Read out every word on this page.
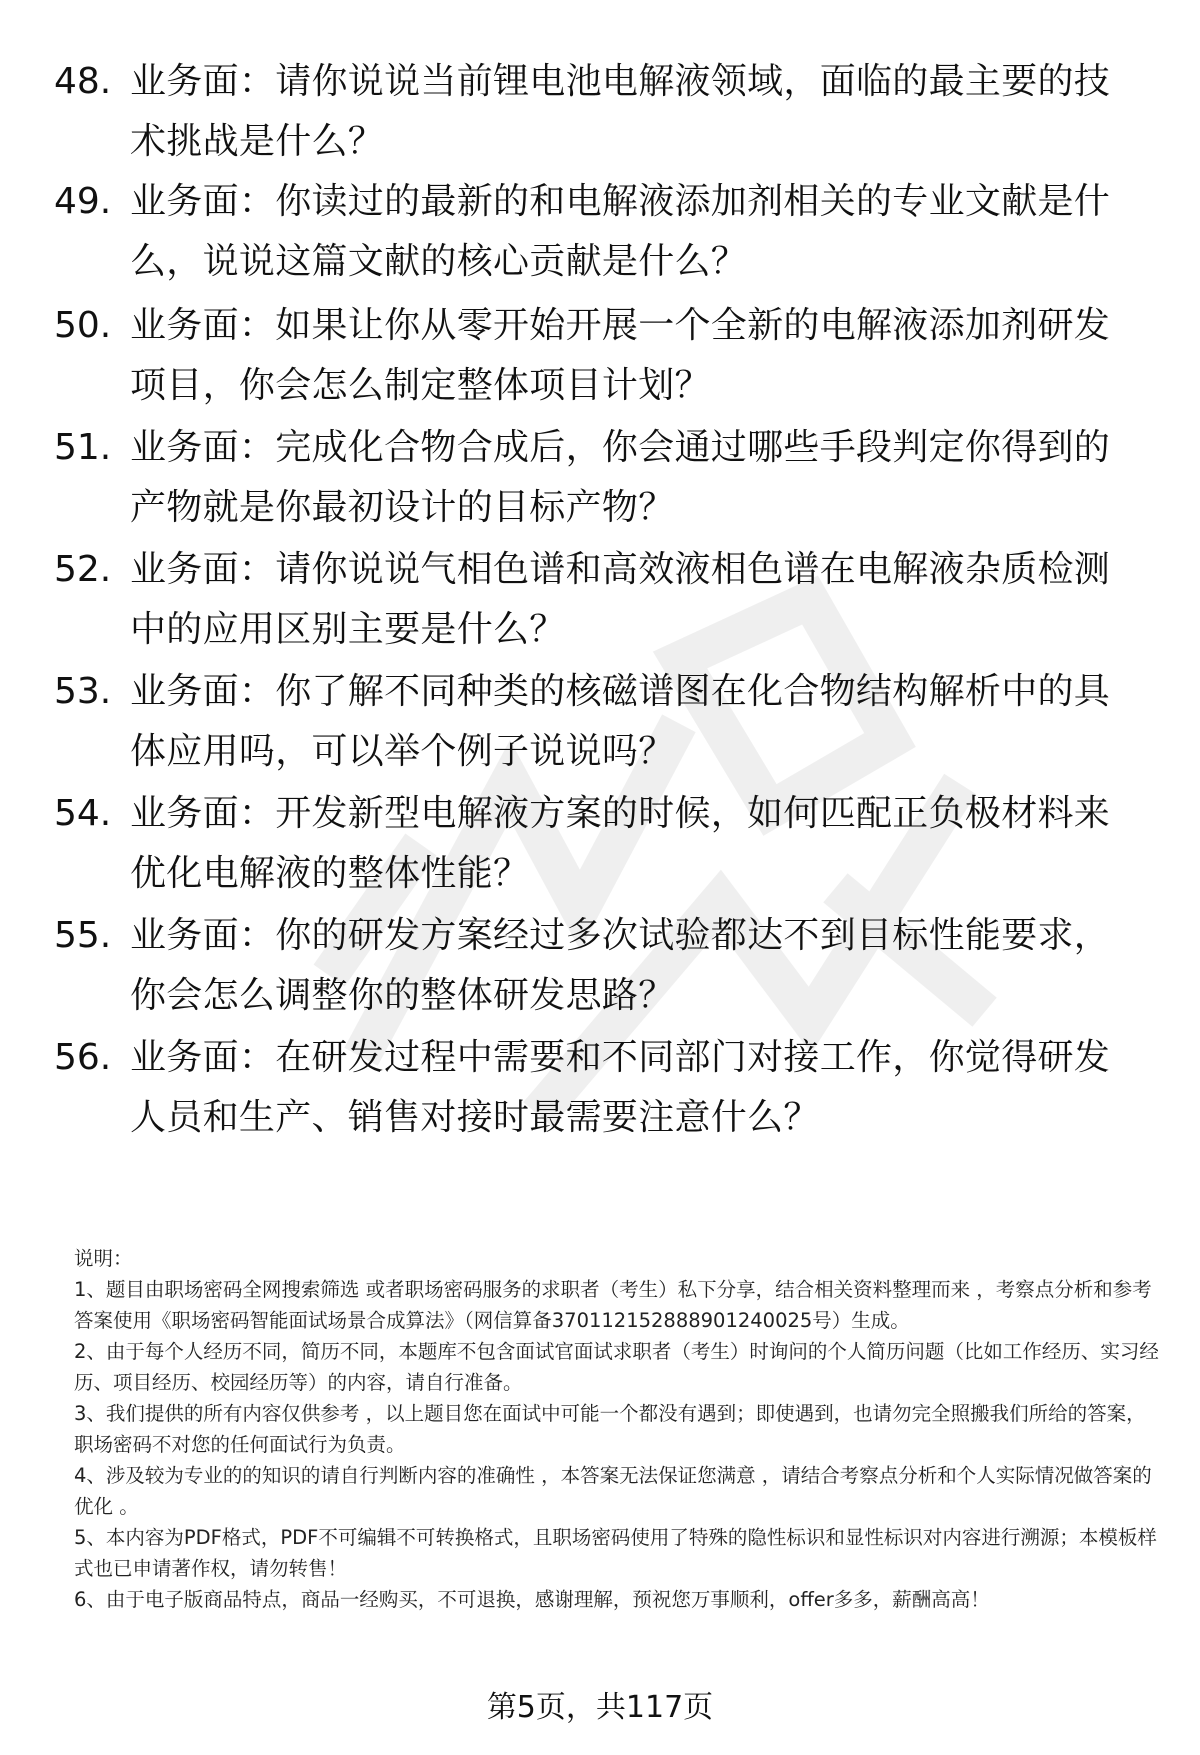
48. 业务面：请你说说当前锂电池电解液领域，面临的最主要的技术挑战是什么？
49. 业务面：你读过的最新的和电解液添加剂相关的专业文献是什么，说说这篇文献的核心贡献是什么？
50. 业务面：如果让你从零开始开展一个全新的电解液添加剂研发项目，你会怎么制定整体项目计划？
51. 业务面：完成化合物合成后，你会通过哪些手段判定你得到的产物就是你最初设计的目标产物？
52. 业务面：请你说说气相色谱和高效液相色谱在电解液杂质检测中的应用区别主要是什么？
53. 业务面：你了解不同种类的核磁谱图在化合物结构解析中的具体应用吗，可以举个例子说说吗？
54. 业务面：开发新型电解液方案的时候，如何匹配正负极材料来优化电解液的整体性能？
55. 业务面：你的研发方案经过多次试验都达不到目标性能要求，你会怎么调整你的整体研发思路？
56. 业务面：在研发过程中需要和不同部门对接工作，你觉得研发人员和生产、销售对接时最需要注意什么？

说明：

1、题目由职场密码全网搜索筛选 或者职场密码服务的求职者（考生）私下分享，结合相关资料整理而来 ，考察点分析和参考答案使用《职场密码智能面试场景合成算法》（网信算备370112152888901240025号）生成。

2、由于每个人经历不同，简历不同，本题库不包含面试官面试求职者（考生）时询问的个人简历问题（比如工作经历、实习经历、项目经历、校园经历等）的内容，请自行准备。

3、我们提供的所有内容仅供参考 ，以上题目您在面试中可能一个都没有遇到；即使遇到，也请勿完全照搬我们所给的答案，职场密码不对您的任何面试行为负责。

4、涉及较为专业的的知识的请自行判断内容的准确性 ，本答案无法保证您满意 ，请结合考察点分析和个人实际情况做答案的优化 。

5、本内容为PDF格式，PDF不可编辑不可转换格式，且职场密码使用了特殊的隐性标识和显性标识对内容进行溯源；本模板样式也已申请著作权，请勿转售！

6、由于电子版商品特点，商品一经购买，不可退换，感谢理解，预祝您万事顺利，offer多多，薪酬高高！

第5页，共117页
